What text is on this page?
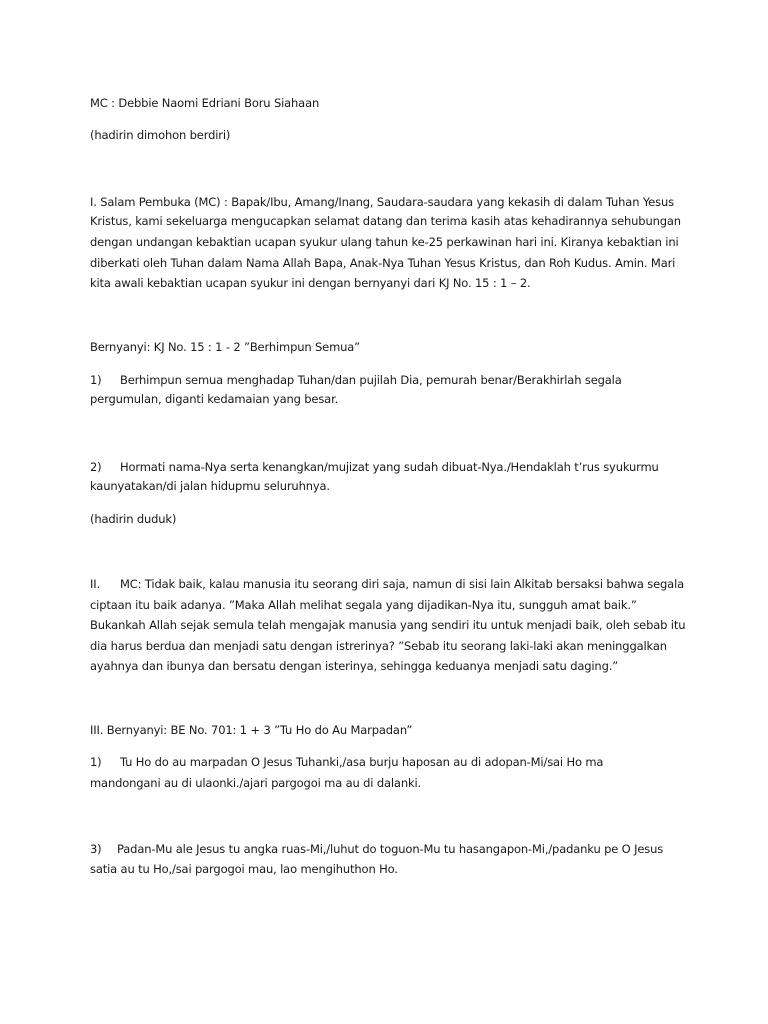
MC : Debbie Naomi Edriani Boru Siahaan

(hadirin dimohon berdiri)

I. Salam Pembuka (MC) : Bapak/Ibu, Amang/Inang, Saudara-saudara yang kekasih di dalam Tuhan Yesus

Kristus, kami sekeluarga mengucapkan selamat datang dan terima kasih atas kehadirannya sehubungan

dengan undangan kebaktian ucapan syukur ulang tahun ke-25 perkawinan hari ini. Kiranya kebaktian ini

diberkati oleh Tuhan dalam Nama Allah Bapa, Anak-Nya Tuhan Yesus Kristus, dan Roh Kudus. Amin. Mari

kita awali kebaktian ucapan syukur ini dengan bernyanyi dari KJ No. 15 : 1 – 2.

Bernyanyi: KJ No. 15 : 1 - 2 ”Berhimpun Semua”

1) Berhimpun semua menghadap Tuhan/dan pujilah Dia, pemurah benar/Berakhirlah segala

pergumulan, diganti kedamaian yang besar.

2) Hormati nama-Nya serta kenangkan/mujizat yang sudah dibuat-Nya./Hendaklah t’rus syukurmu

kaunyatakan/di jalan hidupmu seluruhnya.

(hadirin duduk)

II. MC: Tidak baik, kalau manusia itu seorang diri saja, namun di sisi lain Alkitab bersaksi bahwa segala

ciptaan itu baik adanya. ”Maka Allah melihat segala yang dijadikan-Nya itu, sungguh amat baik.”

Bukankah Allah sejak semula telah mengajak manusia yang sendiri itu untuk menjadi baik, oleh sebab itu

dia harus berdua dan menjadi satu dengan istrerinya? ”Sebab itu seorang laki-laki akan meninggalkan

ayahnya dan ibunya dan bersatu dengan isterinya, sehingga keduanya menjadi satu daging.”

III. Bernyanyi: BE No. 701: 1 + 3 ”Tu Ho do Au Marpadan”

1) Tu Ho do au marpadan O Jesus Tuhanki,/asa burju haposan au di adopan-Mi/sai Ho ma

mandongani au di ulaonki./ajari pargogoi ma au di dalanki.

3) Padan-Mu ale Jesus tu angka ruas-Mi,/luhut do toguon-Mu tu hasangapon-Mi,/padanku pe O Jesus

satia au tu Ho,/sai pargogoi mau, lao mengihuthon Ho.
